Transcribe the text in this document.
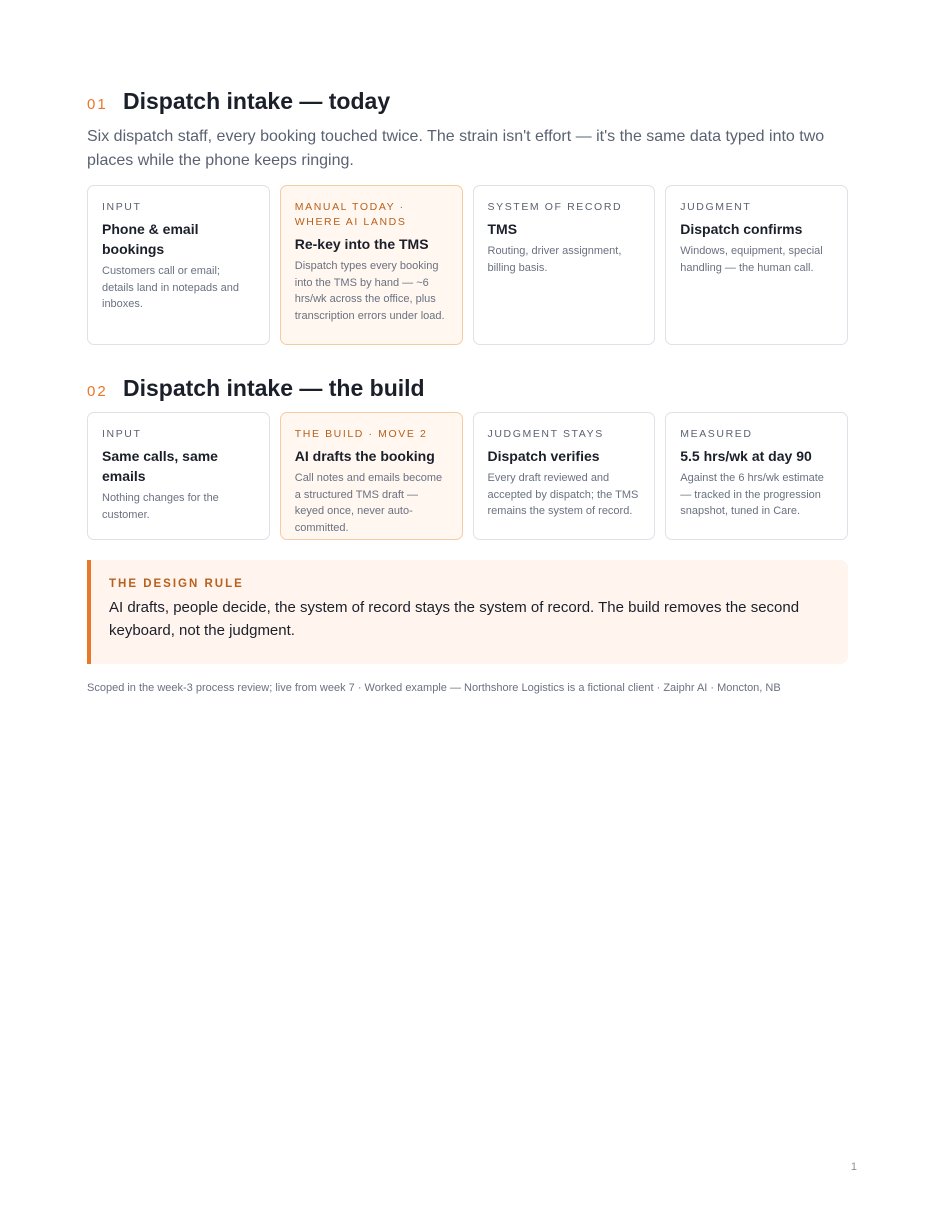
01 Dispatch intake — today
Six dispatch staff, every booking touched twice. The strain isn't effort — it's the same data typed into two places while the phone keeps ringing.
INPUT
Phone & email bookings
Customers call or email; details land in notepads and inboxes.
MANUAL TODAY · WHERE AI LANDS
Re-key into the TMS
Dispatch types every booking into the TMS by hand — ~6 hrs/wk across the office, plus transcription errors under load.
SYSTEM OF RECORD
TMS
Routing, driver assignment, billing basis.
JUDGMENT
Dispatch confirms
Windows, equipment, special handling — the human call.
02 Dispatch intake — the build
INPUT
Same calls, same emails
Nothing changes for the customer.
THE BUILD · MOVE 2
AI drafts the booking
Call notes and emails become a structured TMS draft — keyed once, never auto-committed.
JUDGMENT STAYS
Dispatch verifies
Every draft reviewed and accepted by dispatch; the TMS remains the system of record.
MEASURED
5.5 hrs/wk at day 90
Against the 6 hrs/wk estimate — tracked in the progression snapshot, tuned in Care.
THE DESIGN RULE
AI drafts, people decide, the system of record stays the system of record. The build removes the second keyboard, not the judgment.
Scoped in the week-3 process review; live from week 7 · Worked example — Northshore Logistics is a fictional client · Zaiphr AI · Moncton, NB
1
